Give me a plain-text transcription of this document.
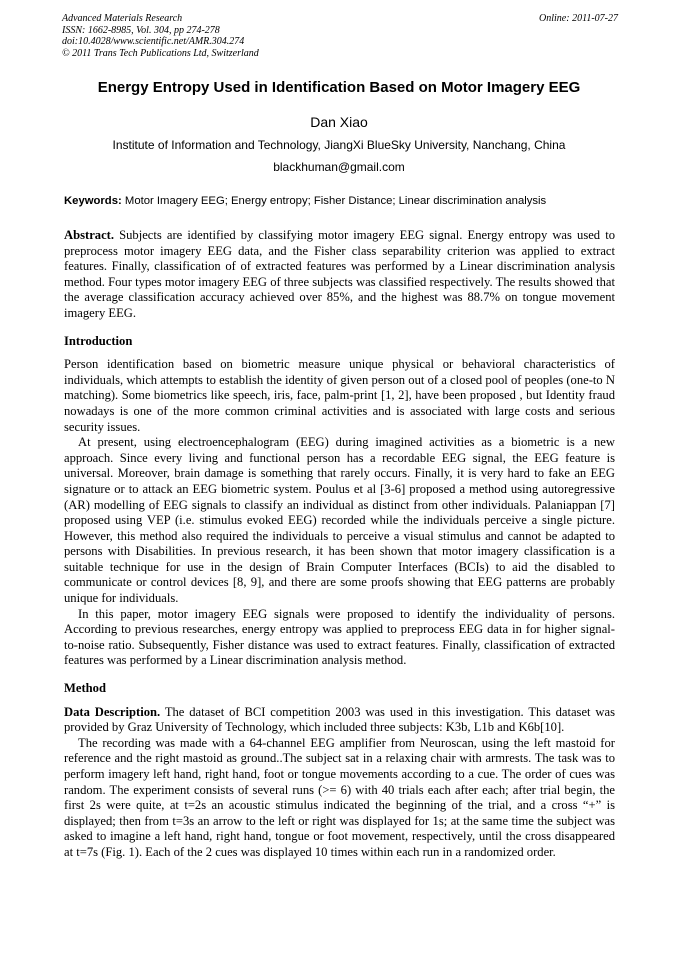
Advanced Materials Research
ISSN: 1662-8985, Vol. 304, pp 274-278
doi:10.4028/www.scientific.net/AMR.304.274
© 2011 Trans Tech Publications Ltd, Switzerland
Online: 2011-07-27
Energy Entropy Used in Identification Based on Motor Imagery EEG
Dan Xiao
Institute of Information and Technology, JiangXi BlueSky University, Nanchang, China
blackhuman@gmail.com
Keywords: Motor Imagery EEG; Energy entropy; Fisher Distance; Linear discrimination analysis

Abstract. Subjects are identified by classifying motor imagery EEG signal. Energy entropy was used to preprocess motor imagery EEG data, and the Fisher class separability criterion was applied to extract features. Finally, classification of of extracted features was performed by a Linear discrimination analysis method. Four types motor imagery EEG of three subjects was classified respectively. The results showed that the average classification accuracy achieved over 85%, and the highest was 88.7% on tongue movement imagery EEG.

Introduction

Person identification based on biometric measure unique physical or behavioral characteristics of individuals, which attempts to establish the identity of given person out of a closed pool of peoples (one-to N matching). Some biometrics like speech, iris, face, palm-print [1, 2], have been proposed , but Identity fraud nowadays is one of the more common criminal activities and is associated with large costs and serious security issues.

At present, using electroencephalogram (EEG) during imagined activities as a biometric is a new approach. Since every living and functional person has a recordable EEG signal, the EEG feature is universal. Moreover, brain damage is something that rarely occurs. Finally, it is very hard to fake an EEG signature or to attack an EEG biometric system. Poulus et al [3-6] proposed a method using autoregressive (AR) modelling of EEG signals to classify an individual as distinct from other individuals. Palaniappan [7] proposed using VEP (i.e. stimulus evoked EEG) recorded while the individuals perceive a single picture. However, this method also required the individuals to perceive a visual stimulus and cannot be adapted to persons with Disabilities. In previous research, it has been shown that motor imagery classification is a suitable technique for use in the design of Brain Computer Interfaces (BCIs) to aid the disabled to communicate or control devices [8, 9], and there are some proofs showing that EEG patterns are probably unique for individuals.

In this paper, motor imagery EEG signals were proposed to identify the individuality of persons. According to previous researches, energy entropy was applied to preprocess EEG data in for higher signal-to-noise ratio. Subsequently, Fisher distance was used to extract features. Finally, classification of extracted features was performed by a Linear discrimination analysis method.

Method

Data Description. The dataset of BCI competition 2003 was used in this investigation. This dataset was provided by Graz University of Technology, which included three subjects: K3b, L1b and K6b[10].

The recording was made with a 64-channel EEG amplifier from Neuroscan, using the left mastoid for reference and the right mastoid as ground..The subject sat in a relaxing chair with armrests. The task was to perform imagery left hand, right hand, foot or tongue movements according to a cue. The order of cues was random. The experiment consists of several runs (>= 6) with 40 trials each after each; after trial begin, the first 2s were quite, at t=2s an acoustic stimulus indicated the beginning of the trial, and a cross “+” is displayed; then from t=3s an arrow to the left or right was displayed for 1s; at the same time the subject was asked to imagine a left hand, right hand, tongue or foot movement, respectively, until the cross disappeared at t=7s (Fig. 1). Each of the 2 cues was displayed 10 times within each run in a randomized order.
